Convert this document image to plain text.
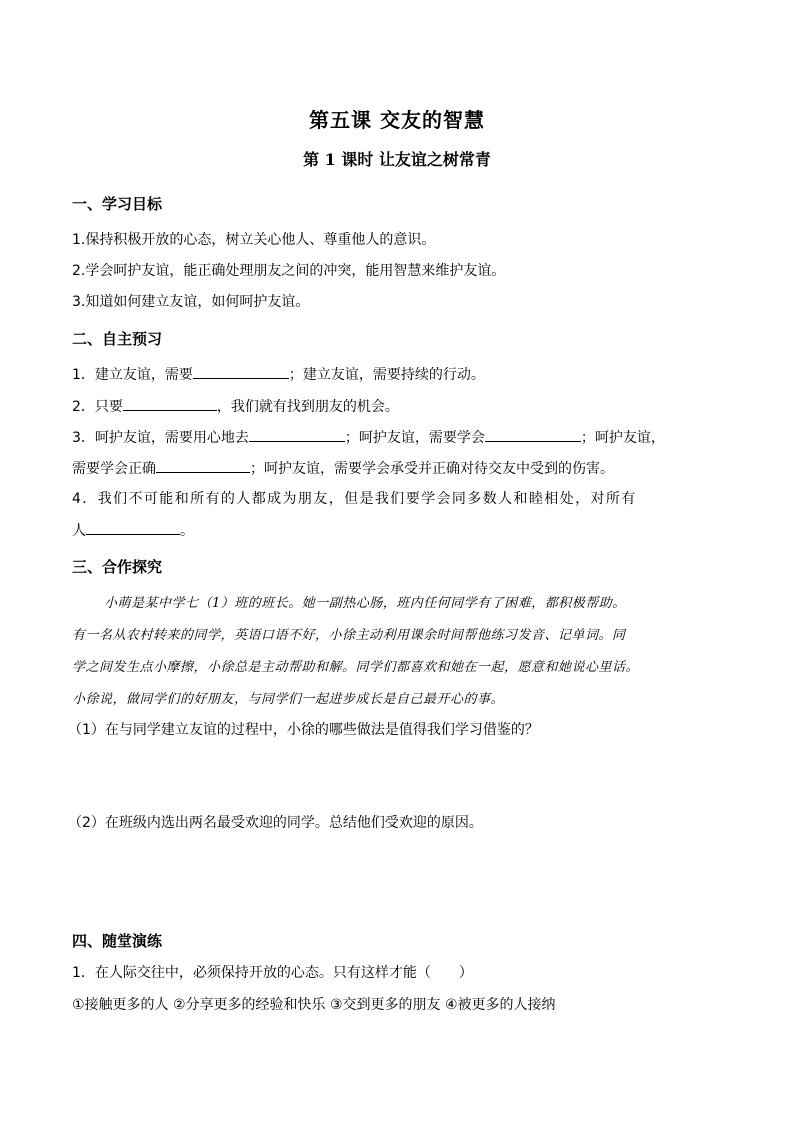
第五课 交友的智慧
第 1 课时 让友谊之树常青
一、学习目标
1.保持积极开放的心态，树立关心他人、尊重他人的意识。
2.学会呵护友谊，能正确处理朋友之间的冲突，能用智慧来维护友谊。
3.知道如何建立友谊，如何呵护友谊。
二、自主预习
1．建立友谊，需要	；建立友谊，需要持续的行动。
2．只要	，我们就有找到朋友的机会。
3．呵护友谊，需要用心地去	；呵护友谊，需要学会	；呵护友谊，
需要学会正确	；呵护友谊，需要学会承受并正确对待交友中受到的伤害。
4．我们不可能和所有的人都成为朋友，但是我们要学会同多数人和睦相处，对所有
人	。
三、合作探究
小萌是某中学七（1）班的班长。她一副热心肠，班内任何同学有了困难，都积极帮助。
有一名从农村转来的同学，英语口语不好，小徐主动利用课余时间帮他练习发音、记单词。同
学之间发生点小摩擦，小徐总是主动帮助和解。同学们都喜欢和她在一起，愿意和她说心里话。
小徐说，做同学们的好朋友，与同学们一起进步成长是自己最开心的事。
（1）在与同学建立友谊的过程中，小徐的哪些做法是值得我们学习借鉴的？
（2）在班级内选出两名最受欢迎的同学。总结他们受欢迎的原因。
四、随堂演练
1．在人际交往中，必须保持开放的心态。只有这样才能（　　）
①接触更多的人 ②分享更多的经验和快乐 ③交到更多的朋友 ④被更多的人接纳
